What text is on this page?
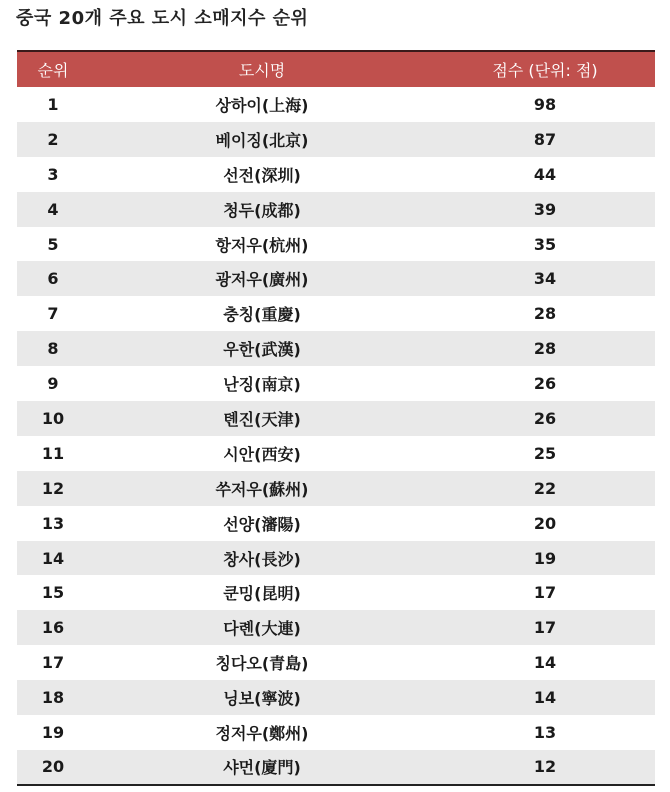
중국 20개 주요 도시 소매지수 순위
순위	도시명	점수 (단위: 점)
1	상하이(上海)	98
2	베이징(北京)	87
3	선전(深圳)	44
4	청두(成都)	39
5	항저우(杭州)	35
6	광저우(廣州)	34
7	충칭(重慶)	28
8	우한(武漢)	28
9	난징(南京)	26
10	톈진(天津)	26
11	시안(西安)	25
12	쑤저우(蘇州)	22
13	선양(瀋陽)	20
14	창사(長沙)	19
15	쿤밍(昆明)	17
16	다롄(大連)	17
17	칭다오(青島)	14
18	닝보(寧波)	14
19	정저우(鄭州)	13
20	샤먼(廈門)	12
